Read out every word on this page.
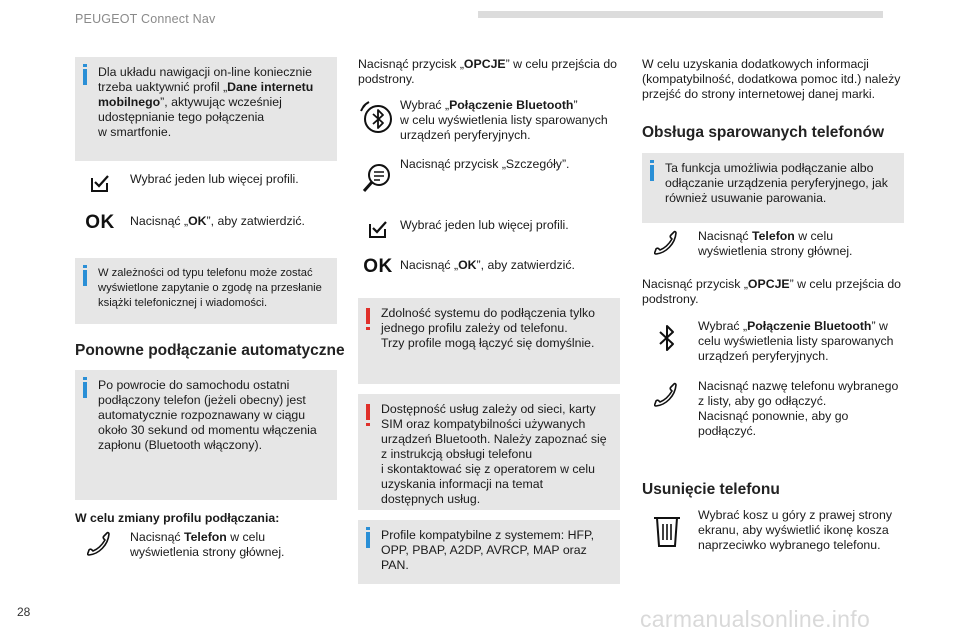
PEUGEOT Connect Nav
Dla układu nawigacji on-line koniecznie trzeba uaktywnić profil „Dane internetu mobilnego”, aktywując wcześniej udostępnianie tego połączenia
w smartfonie.
Wybrać jeden lub więcej profili.
OK Nacisnąć „OK”, aby zatwierdzić.
W zależności od typu telefonu może zostać wyświetlone zapytanie o zgodę na przesłanie książki telefonicznej i wiadomości.
Ponowne podłączanie automatyczne
Po powrocie do samochodu ostatni podłączony telefon (jeżeli obecny) jest automatycznie rozpoznawany w ciągu około 30 sekund od momentu włączenia zapłonu (Bluetooth włączony).
W celu zmiany profilu podłączania:
Nacisnąć Telefon w celu wyświetlenia strony głównej.
Nacisnąć przycisk „OPCJE” w celu przejścia do podstrony.
Wybrać „Połączenie Bluetooth”
w celu wyświetlenia listy sparowanych urządzeń peryferyjnych.
Nacisnąć przycisk „Szczegóły”.
Wybrać jeden lub więcej profili.
OK Nacisnąć „OK”, aby zatwierdzić.
Zdolność systemu do podłączenia tylko jednego profilu zależy od telefonu.
Trzy profile mogą łączyć się domyślnie.
Dostępność usług zależy od sieci, karty SIM oraz kompatybilności używanych urządzeń Bluetooth. Należy zapoznać się z instrukcją obsługi telefonu
i skontaktować się z operatorem w celu uzyskania informacji na temat dostępnych usług.
Profile kompatybilne z systemem: HFP, OPP, PBAP, A2DP, AVRCP, MAP oraz PAN.
W celu uzyskania dodatkowych informacji (kompatybilność, dodatkowa pomoc itd.) należy przejść do strony internetowej danej marki.
Obsługa sparowanych telefonów
Ta funkcja umożliwia podłączanie albo odłączanie urządzenia peryferyjnego, jak również usuwanie parowania.
Nacisnąć Telefon w celu wyświetlenia strony głównej.
Nacisnąć przycisk „OPCJE” w celu przejścia do podstrony.
Wybrać „Połączenie Bluetooth” w celu wyświetlenia listy sparowanych urządzeń peryferyjnych.
Nacisnąć nazwę telefonu wybranego z listy, aby go odłączyć.
Nacisnąć ponownie, aby go podłączyć.
Usunięcie telefonu
Wybrać kosz u góry z prawej strony ekranu, aby wyświetlić ikonę kosza naprzeciwko wybranego telefonu.
28	carmanualsonline.info
